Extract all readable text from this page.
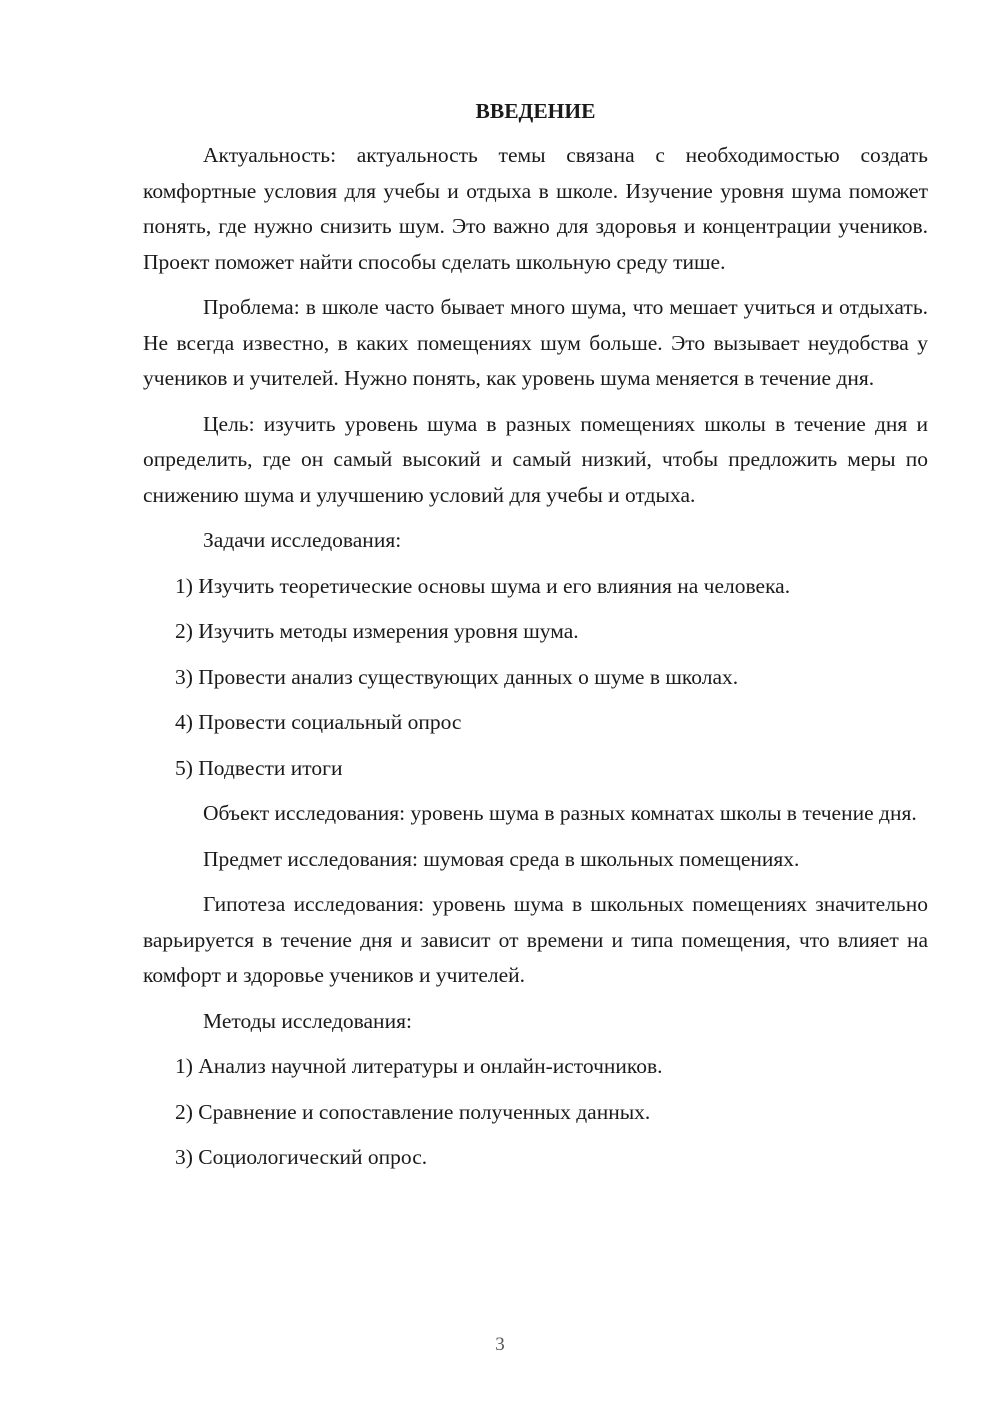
ВВЕДЕНИЕ

Актуальность: актуальность темы связана с необходимостью создать комфортные условия для учебы и отдыха в школе. Изучение уровня шума поможет понять, где нужно снизить шум. Это важно для здоровья и концентрации учеников. Проект поможет найти способы сделать школьную среду тише.

Проблема: в школе часто бывает много шума, что мешает учиться и отдыхать. Не всегда известно, в каких помещениях шум больше. Это вызывает неудобства у учеников и учителей. Нужно понять, как уровень шума меняется в течение дня.

Цель: изучить уровень шума в разных помещениях школы в течение дня и определить, где он самый высокий и самый низкий, чтобы предложить меры по снижению шума и улучшению условий для учебы и отдыха.

Задачи исследования:

1) Изучить теоретические основы шума и его влияния на человека.

2) Изучить методы измерения уровня шума.

3) Провести анализ существующих данных о шуме в школах.

4) Провести социальный опрос

5) Подвести итоги

Объект исследования: уровень шума в разных комнатах школы в течение дня.

Предмет исследования: шумовая среда в школьных помещениях.

Гипотеза исследования: уровень шума в школьных помещениях значительно варьируется в течение дня и зависит от времени и типа помещения, что влияет на комфорт и здоровье учеников и учителей.

Методы исследования:

1) Анализ научной литературы и онлайн-источников.

2) Сравнение и сопоставление полученных данных.

3) Социологический опрос.

3
